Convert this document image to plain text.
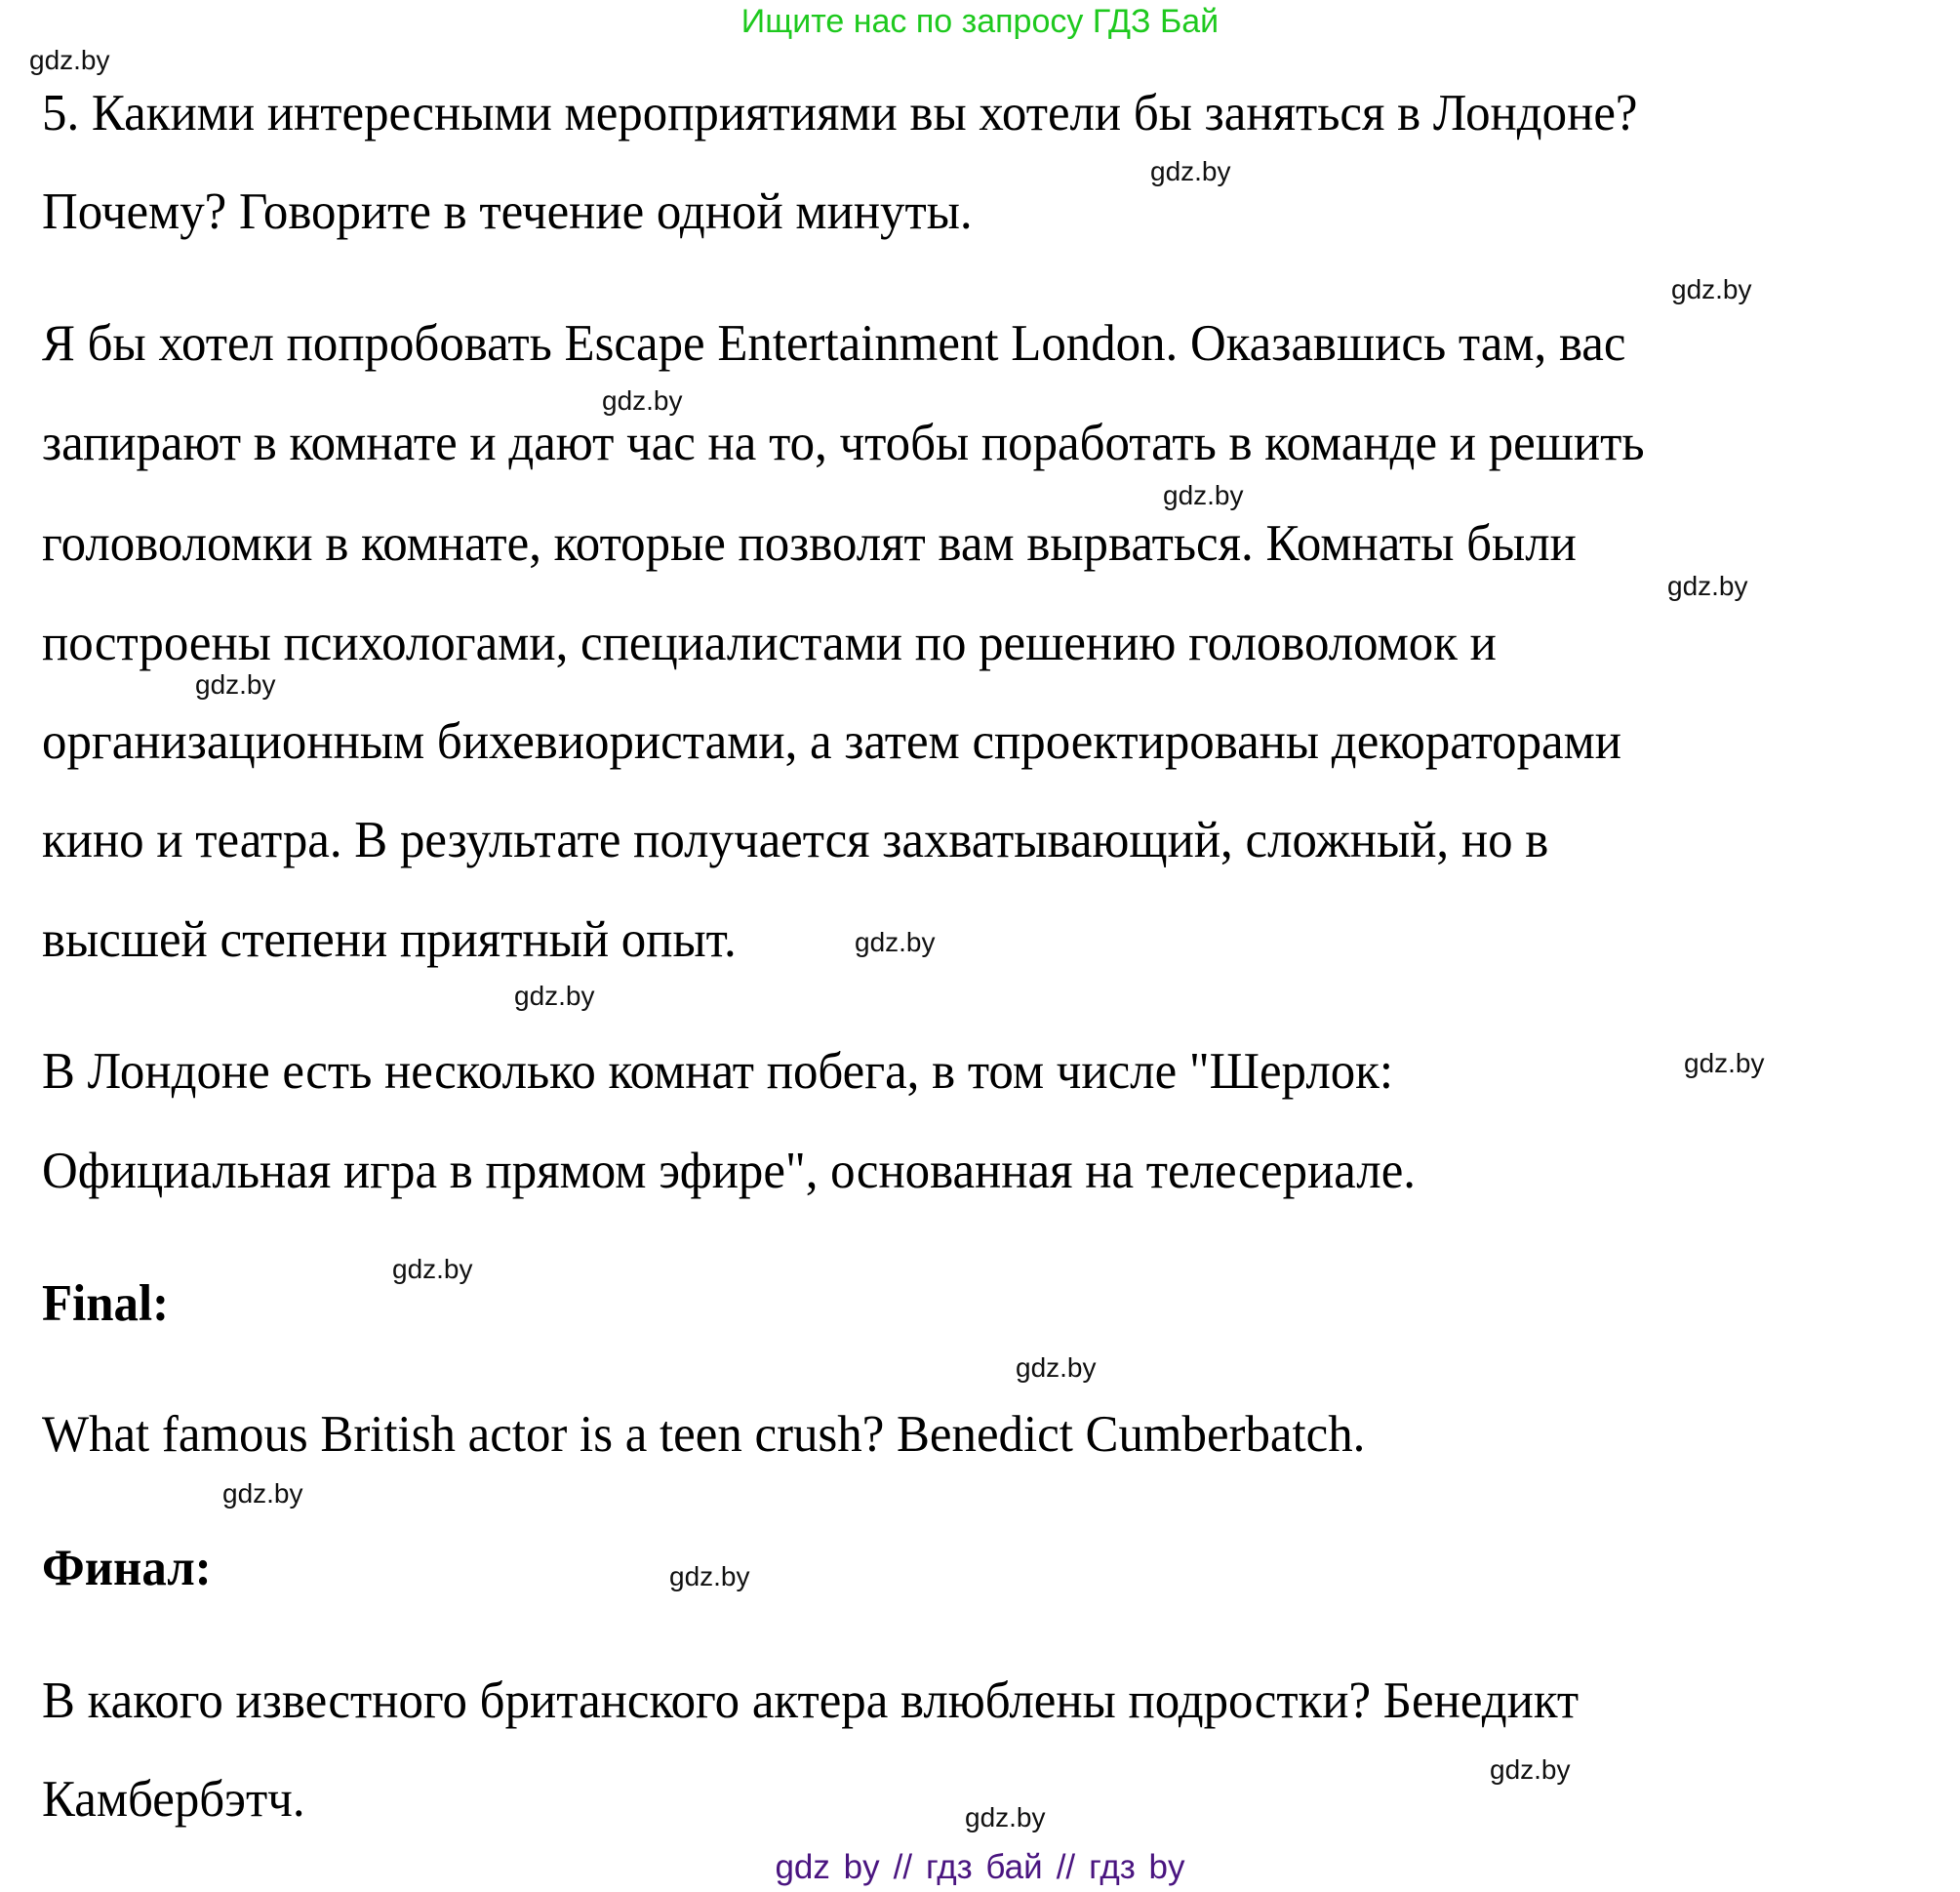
Ищите нас по запросу ГДЗ Бай
5. Какими интересными мероприятиями вы хотели бы заняться в Лондоне?
Почему? Говорите в течение одной минуты.
Я бы хотел попробовать Escape Entertainment London. Оказавшись там, вас
запирают в комнате и дают час на то, чтобы поработать в команде и решить
головоломки в комнате, которые позволят вам вырваться. Комнаты были
построены психологами, специалистами по решению головоломок и
организационным бихевиористами, а затем спроектированы декораторами
кино и театра. В результате получается захватывающий, сложный, но в
высшей степени приятный опыт.
В Лондоне есть несколько комнат побега, в том числе "Шерлок:
Официальная игра в прямом эфире", основанная на телесериале.
Final:
What famous British actor is a teen crush? Benedict Cumberbatch.
Финал:
В какого известного британского актера влюблены подростки? Бенедикт
Камбербэтч.
gdz.by
gdz.by
gdz.by
gdz.by
gdz.by
gdz.by
gdz.by
gdz.by
gdz.by
gdz.by
gdz.by
gdz.by
gdz.by
gdz.by
gdz.by
gdz.by
gdz by // гдз бай // гдз by
